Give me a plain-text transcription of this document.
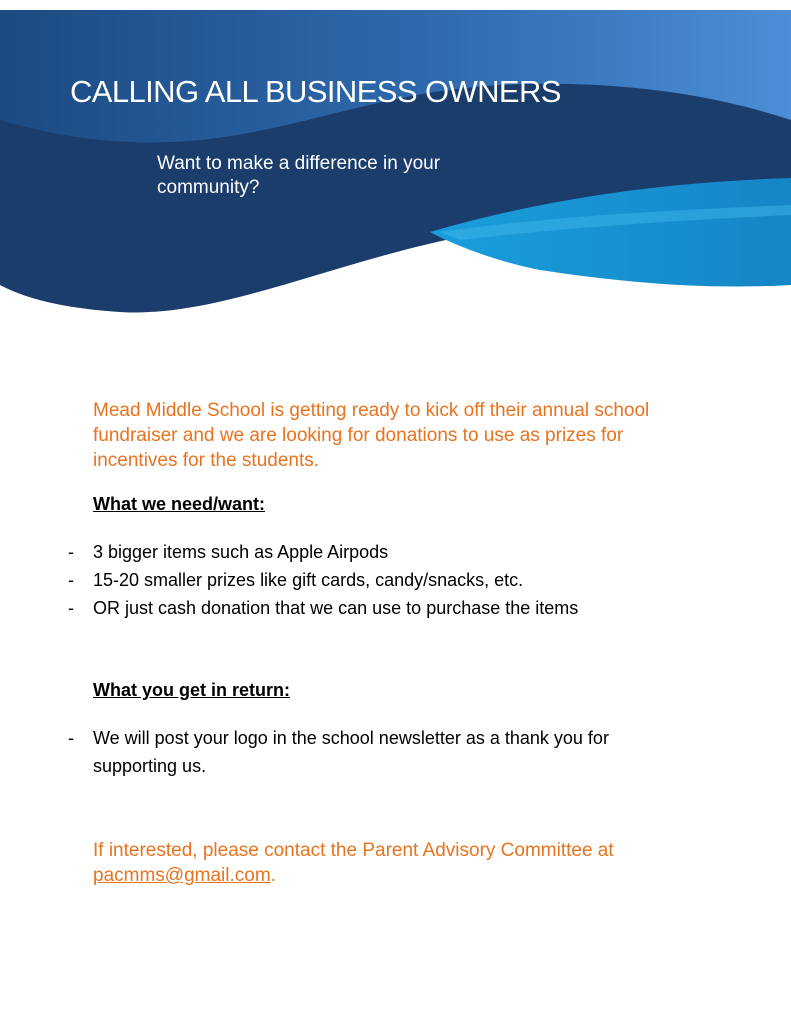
CALLING ALL BUSINESS OWNERS

Want to make a difference in your community?

Mead Middle School is getting ready to kick off their annual school fundraiser and we are looking for donations to use as prizes for incentives for the students.

What we need/want:

- 3 bigger items such as Apple Airpods
- 15-20 smaller prizes like gift cards, candy/snacks, etc.
- OR just cash donation that we can use to purchase the items

What you get in return:

- We will post your logo in the school newsletter as a thank you for supporting us.

If interested, please contact the Parent Advisory Committee at pacmms@gmail.com.
